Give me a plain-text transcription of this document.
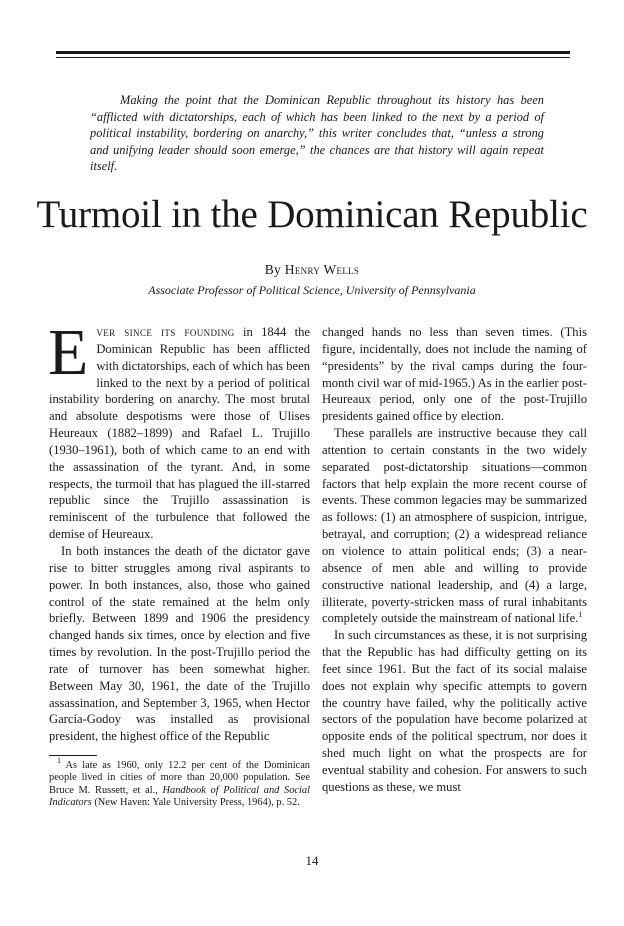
Making the point that the Dominican Republic throughout its history has been “afflicted with dictatorships, each of which has been linked to the next by a period of political instability, bordering on anarchy,” this writer concludes that, “unless a strong and unifying leader should soon emerge,” the chances are that history will again repeat itself.

Turmoil in the Dominican Republic

By Henry Wells

Associate Professor of Political Science, University of Pennsylvania

Ever since its founding in 1844 the Dominican Republic has been afflicted with dictatorships, each of which has been linked to the next by a period of political instability bordering on anarchy. The most brutal and absolute despotisms were those of Ulises Heureaux (1882–1899) and Rafael L. Trujillo (1930–1961), both of which came to an end with the assassination of the tyrant. And, in some respects, the turmoil that has plagued the ill-starred republic since the Trujillo assassination is reminiscent of the turbulence that followed the demise of Heureaux.

In both instances the death of the dictator gave rise to bitter struggles among rival aspirants to power. In both instances, also, those who gained control of the state remained at the helm only briefly. Between 1899 and 1906 the presidency changed hands six times, once by election and five times by revolution. In the post-Trujillo period the rate of turnover has been somewhat higher. Between May 30, 1961, the date of the Trujillo assassination, and September 3, 1965, when Hector García-Godoy was installed as provisional president, the highest office of the Republic

changed hands no less than seven times. (This figure, incidentally, does not include the naming of “presidents” by the rival camps during the four-month civil war of mid-1965.) As in the earlier post-Heureaux period, only one of the post-Trujillo presidents gained office by election.

These parallels are instructive because they call attention to certain constants in the two widely separated post-dictatorship situations—common factors that help explain the more recent course of events. These common legacies may be summarized as follows: (1) an atmosphere of suspicion, intrigue, betrayal, and corruption; (2) a widespread reliance on violence to attain political ends; (3) a near-absence of men able and willing to provide constructive national leadership, and (4) a large, illiterate, poverty-stricken mass of rural inhabitants completely outside the mainstream of national life.$^1$

In such circumstances as these, it is not surprising that the Republic has had difficulty getting on its feet since 1961. But the fact of its social malaise does not explain why specific attempts to govern the country have failed, why the politically active sectors of the population have become polarized at opposite ends of the political spectrum, nor does it shed much light on what the prospects are for eventual stability and cohesion. For answers to such questions as these, we must

$^1$ As late as 1960, only 12.2 per cent of the Dominican people lived in cities of more than 20,000 population. See Bruce M. Russett, et al., Handbook of Political and Social Indicators (New Haven: Yale University Press, 1964), p. 52.

14
